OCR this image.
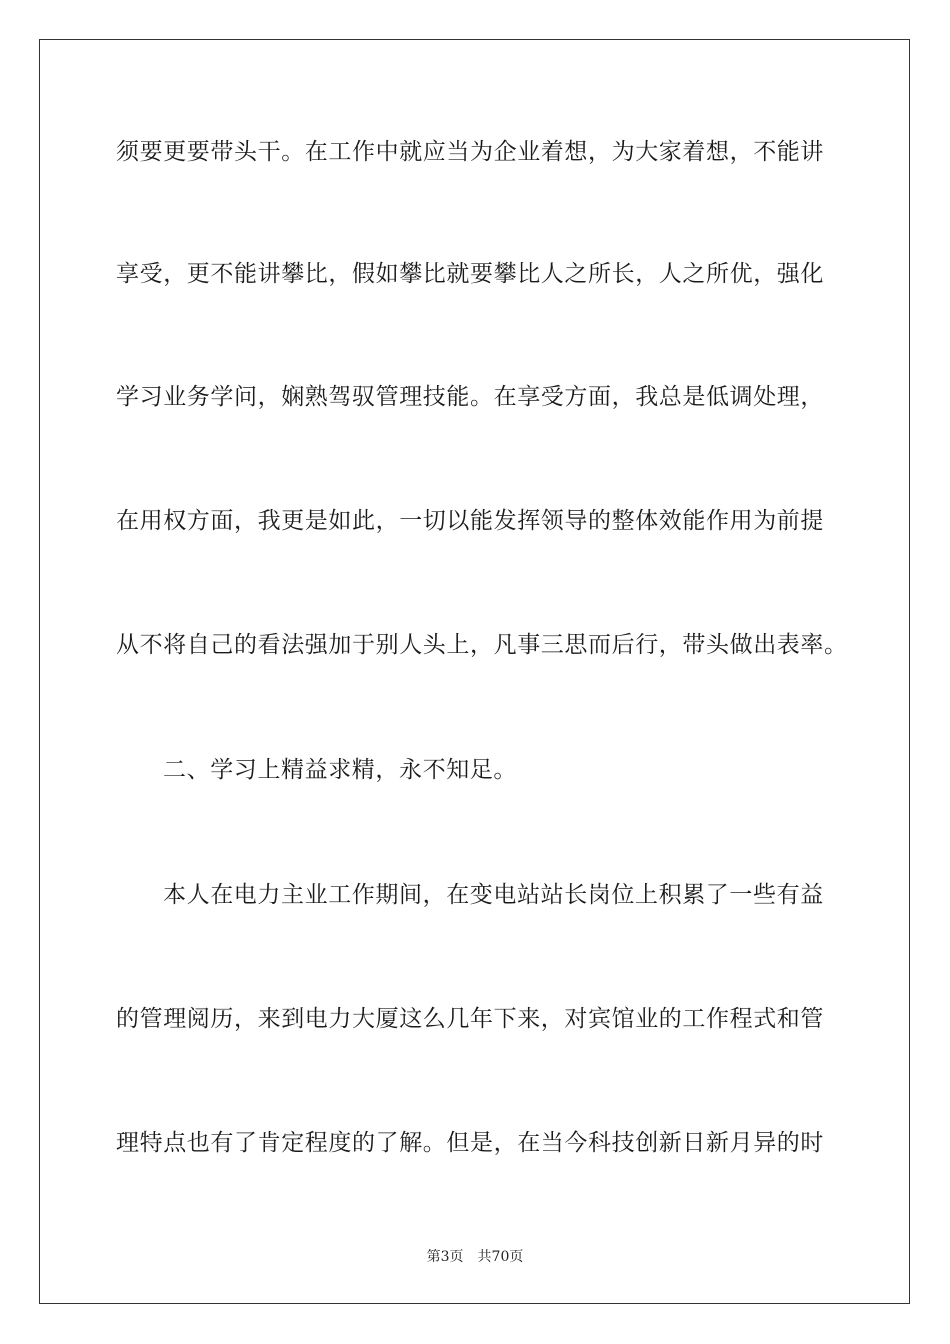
须要更要带头干。在工作中就应当为企业着想，为大家着想，不能讲
享受，更不能讲攀比，假如攀比就要攀比人之所长，人之所优，强化
学习业务学问，娴熟驾驭管理技能。在享受方面，我总是低调处理，
在用权方面，我更是如此，一切以能发挥领导的整体效能作用为前提
从不将自己的看法强加于别人头上，凡事三思而后行，带头做出表率。
二、学习上精益求精，永不知足。
本人在电力主业工作期间，在变电站站长岗位上积累了一些有益
的管理阅历，来到电力大厦这么几年下来，对宾馆业的工作程式和管
理特点也有了肯定程度的了解。但是，在当今科技创新日新月异的时
第3页 共70页
